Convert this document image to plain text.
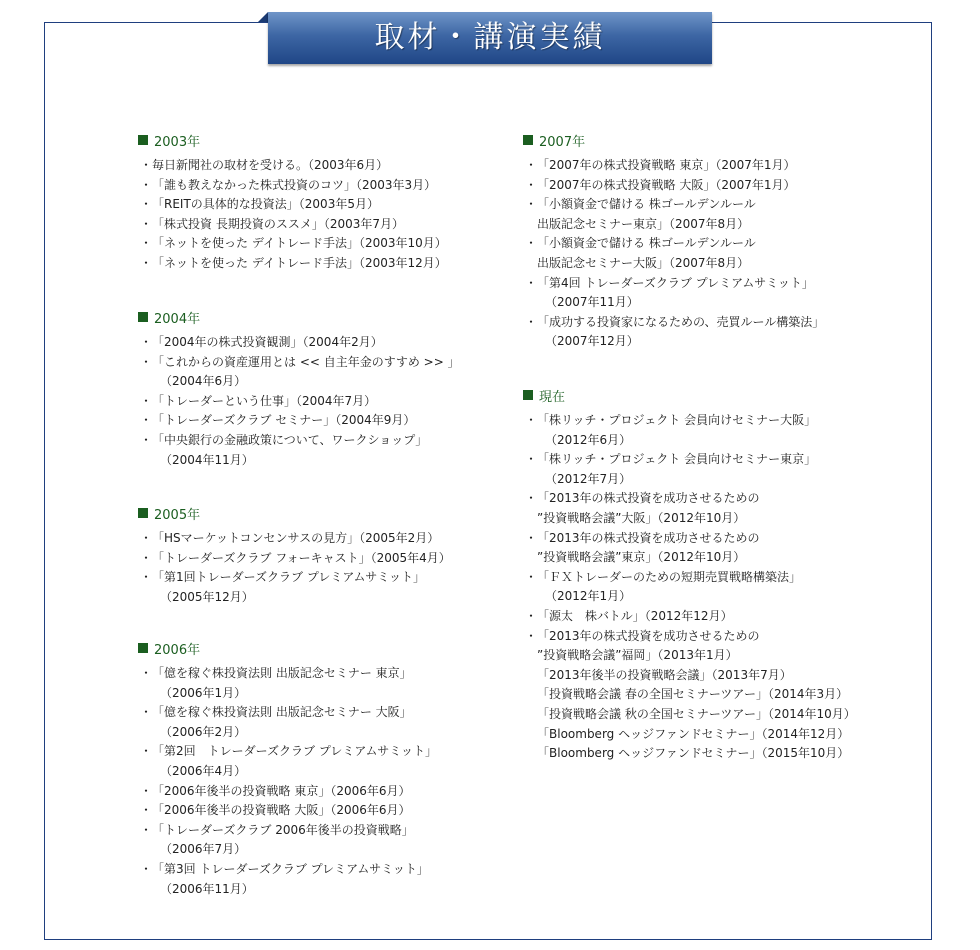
取材・講演実績
2003年
・毎日新聞社の取材を受ける。（2003年6月）
・「誰も教えなかった株式投資のコツ」（2003年3月）
・「REITの具体的な投資法」（2003年5月）
・「株式投資 長期投資のススメ」（2003年7月）
・「ネットを使った デイトレード手法」（2003年10月）
・「ネットを使った デイトレード手法」（2003年12月）
2004年
・「2004年の株式投資観測」（2004年2月）
・「これからの資産運用とは << 自主年金のすすめ >> 」
（2004年6月）
・「トレーダーという仕事」（2004年7月）
・「トレーダーズクラブ セミナー」（2004年9月）
・「中央銀行の金融政策について、ワークショップ」
（2004年11月）
2005年
・「HSマーケットコンセンサスの見方」（2005年2月）
・「トレーダーズクラブ フォーキャスト」（2005年4月）
・「第1回トレーダーズクラブ プレミアムサミット」
（2005年12月）
2006年
・「億を稼ぐ株投資法則 出版記念セミナー 東京」
（2006年1月）
・「億を稼ぐ株投資法則 出版記念セミナー 大阪」
（2006年2月）
・「第2回　トレーダーズクラブ プレミアムサミット」
（2006年4月）
・「2006年後半の投資戦略 東京」（2006年6月）
・「2006年後半の投資戦略 大阪」（2006年6月）
・「トレーダーズクラブ 2006年後半の投資戦略」
（2006年7月）
・「第3回 トレーダーズクラブ プレミアムサミット」
（2006年11月）
2007年
・「2007年の株式投資戦略 東京」（2007年1月）
・「2007年の株式投資戦略 大阪」（2007年1月）
・「小額資金で儲ける 株ゴールデンルール
出版記念セミナー東京」（2007年8月）
・「小額資金で儲ける 株ゴールデンルール
出版記念セミナー大阪」（2007年8月）
・「第4回 トレーダーズクラブ プレミアムサミット」
（2007年11月）
・「成功する投資家になるための、売買ルール構築法」
（2007年12月）
現在
・「株リッチ・プロジェクト 会員向けセミナー大阪」
（2012年6月）
・「株リッチ・プロジェクト 会員向けセミナー東京」
（2012年7月）
・「2013年の株式投資を成功させるための
”投資戦略会議”大阪」（2012年10月）
・「2013年の株式投資を成功させるための
”投資戦略会議”東京」（2012年10月）
・「ＦＸトレーダーのための短期売買戦略構築法」
（2012年1月）
・「源太　株バトル」（2012年12月）
・「2013年の株式投資を成功させるための
”投資戦略会議”福岡」（2013年1月）
「2013年後半の投資戦略会議」（2013年7月）
「投資戦略会議 春の全国セミナーツアー」（2014年3月）
「投資戦略会議 秋の全国セミナーツアー」（2014年10月）
「Bloomberg ヘッジファンドセミナー」（2014年12月）
「Bloomberg ヘッジファンドセミナー」（2015年10月）
